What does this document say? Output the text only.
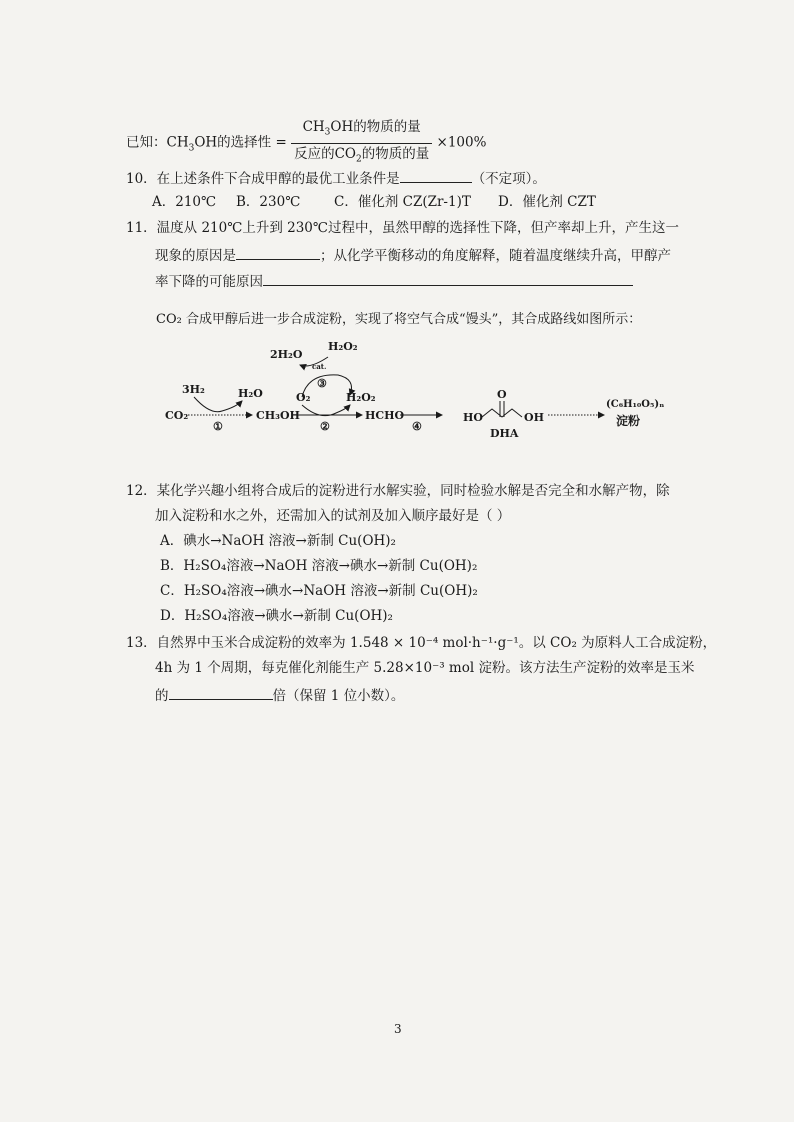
已知：$CH_3OH$的选择性 = $\frac{CH_3OH的物质的量}{反应的CO_2的物质的量} \times 100\%$
10．在上述条件下合成甲醇的最优工业条件是	（不定项）。
A．210℃ B．230℃ C．催化剂 CZ(Zr-1)T D．催化剂 CZT
11．温度从 210℃上升到 230℃过程中，虽然甲醇的选择性下降，但产率却上升，产生这一
现象的原因是	；从化学平衡移动的角度解释，随着温度继续升高，甲醇产
率下降的可能原因
CO₂ 合成甲醇后进一步合成淀粉，实现了将空气合成“馒头”，其合成路线如图所示：
2H₂O
H₂O₂
cat.
③
3H₂	H₂O	O₂	H₂O₂
CO₂
①
CH₃OH
②
HCHO
④
HO
O
OH
DHA
(C₆H₁₀O₅)ₙ
淀粉
12．某化学兴趣小组将合成后的淀粉进行水解实验，同时检验水解是否完全和水解产物，除
加入淀粉和水之外，还需加入的试剂及加入顺序最好是（ ）
A．碘水→NaOH 溶液→新制 Cu(OH)₂
B．H₂SO₄溶液→NaOH 溶液→碘水→新制 Cu(OH)₂
C．H₂SO₄溶液→碘水→NaOH 溶液→新制 Cu(OH)₂
D．H₂SO₄溶液→碘水→新制 Cu(OH)₂
13．自然界中玉米合成淀粉的效率为 1.548 × 10⁻⁴ mol·h⁻¹·g⁻¹。以 CO₂ 为原料人工合成淀粉，
4h 为 1 个周期，每克催化剂能生产 5.28×10⁻³ mol 淀粉。该方法生产淀粉的效率是玉米
的	倍（保留 1 位小数）。
3
